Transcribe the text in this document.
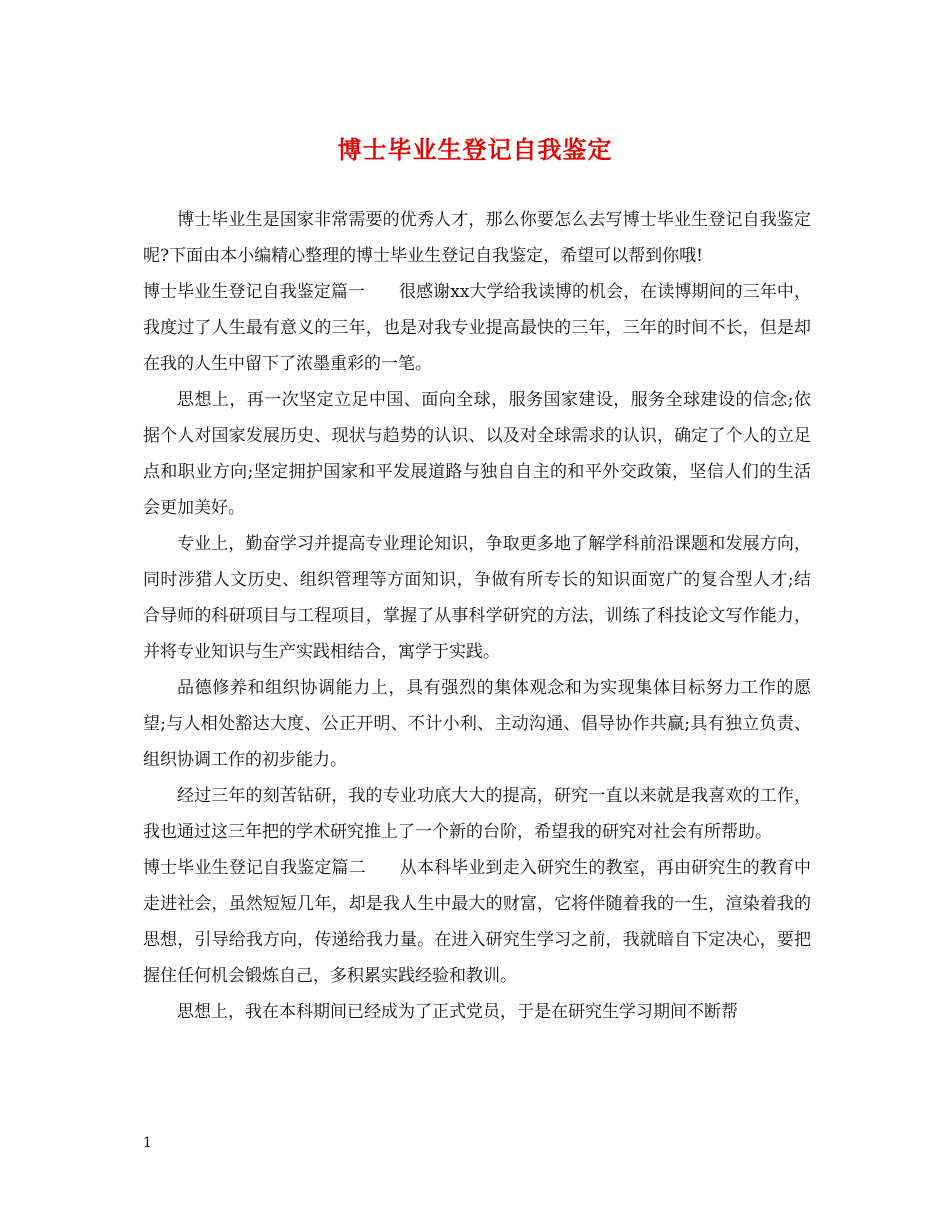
博士毕业生登记自我鉴定

博士毕业生是国家非常需要的优秀人才，那么你要怎么去写博士毕业生登记自我鉴定呢?下面由本小编精心整理的博士毕业生登记自我鉴定，希望可以帮到你哦!

博士毕业生登记自我鉴定篇一 很感谢xx大学给我读博的机会，在读博期间的三年中，我度过了人生最有意义的三年，也是对我专业提高最快的三年，三年的时间不长，但是却在我的人生中留下了浓墨重彩的一笔。

思想上，再一次坚定立足中国、面向全球，服务国家建设，服务全球建设的信念;依据个人对国家发展历史、现状与趋势的认识、以及对全球需求的认识，确定了个人的立足点和职业方向;坚定拥护国家和平发展道路与独自自主的和平外交政策，坚信人们的生活会更加美好。

专业上，勤奋学习并提高专业理论知识，争取更多地了解学科前沿课题和发展方向，同时涉猎人文历史、组织管理等方面知识，争做有所专长的知识面宽广的复合型人才;结合导师的科研项目与工程项目，掌握了从事科学研究的方法，训练了科技论文写作能力，并将专业知识与生产实践相结合，寓学于实践。

品德修养和组织协调能力上，具有强烈的集体观念和为实现集体目标努力工作的愿望;与人相处豁达大度、公正开明、不计小利、主动沟通、倡导协作共赢;具有独立负责、组织协调工作的初步能力。

经过三年的刻苦钻研，我的专业功底大大的提高，研究一直以来就是我喜欢的工作，我也通过这三年把的学术研究推上了一个新的台阶，希望我的研究对社会有所帮助。

博士毕业生登记自我鉴定篇二 从本科毕业到走入研究生的教室，再由研究生的教育中走进社会，虽然短短几年，却是我人生中最大的财富，它将伴随着我的一生，渲染着我的思想，引导给我方向，传递给我力量。在进入研究生学习之前，我就暗自下定决心，要把握住任何机会锻炼自己，多积累实践经验和教训。

思想上，我在本科期间已经成为了正式党员，于是在研究生学习期间不断帮

1
